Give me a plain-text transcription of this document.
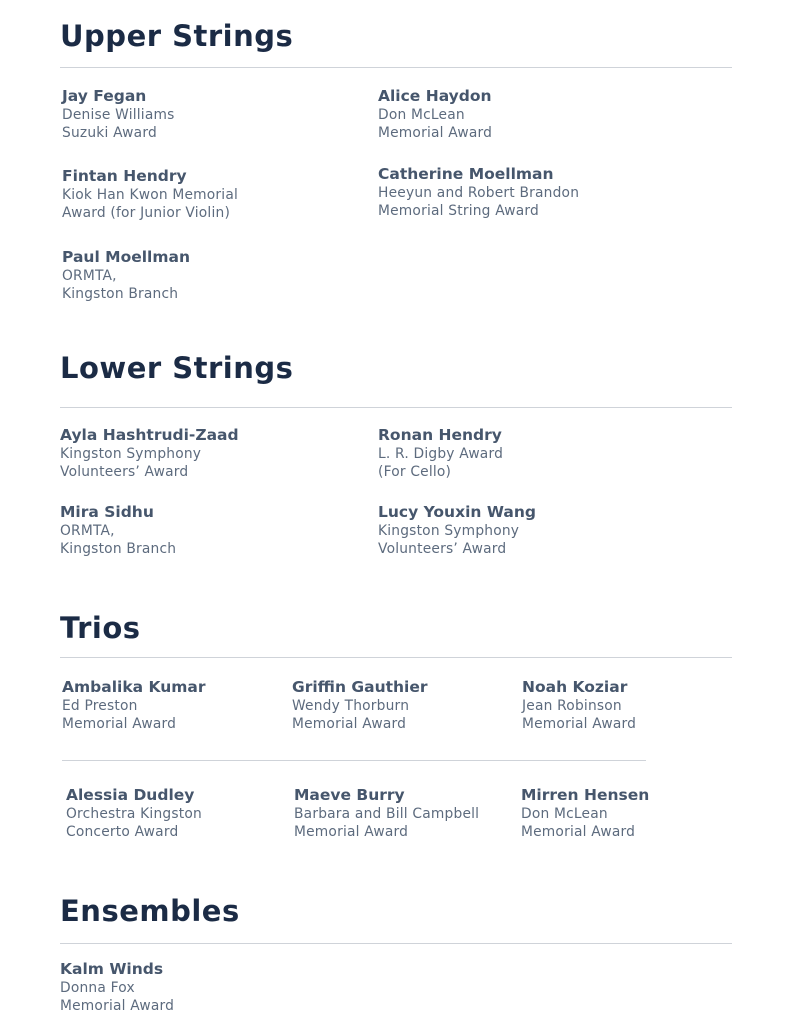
Upper Strings
Jay Fegan
Denise Williams
Suzuki Award
Alice Haydon
Don McLean
Memorial Award
Fintan Hendry
Kiok Han Kwon Memorial
Award (for Junior Violin)
Catherine Moellman
Heeyun and Robert Brandon
Memorial String Award
Paul Moellman
ORMTA,
Kingston Branch
Lower Strings
Ayla Hashtrudi-Zaad
Kingston Symphony
Volunteers’ Award
Ronan Hendry
L. R. Digby Award
(For Cello)
Mira Sidhu
ORMTA,
Kingston Branch
Lucy Youxin Wang
Kingston Symphony
Volunteers’ Award
Trios
Ambalika Kumar
Ed Preston
Memorial Award
Griffin Gauthier
Wendy Thorburn
Memorial Award
Noah Koziar
Jean Robinson
Memorial Award
Alessia Dudley
Orchestra Kingston
Concerto Award
Maeve Burry
Barbara and Bill Campbell
Memorial Award
Mirren Hensen
Don McLean
Memorial Award
Ensembles
Kalm Winds
Donna Fox
Memorial Award
